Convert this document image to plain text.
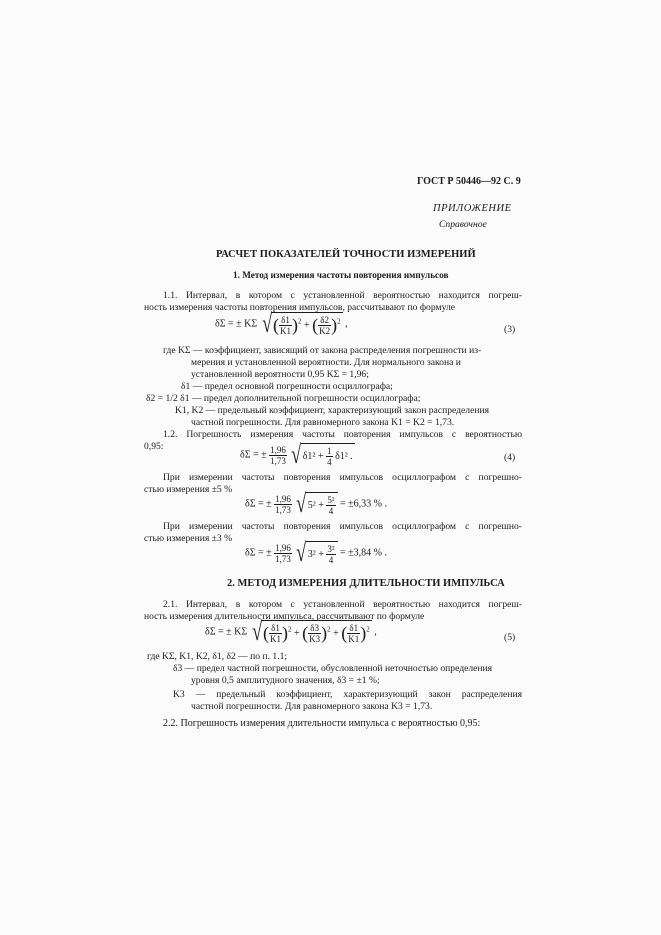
ГОСТ Р 50446—92 С. 9
ПРИЛОЖЕНИЕ
Справочное
РАСЧЕТ ПОКАЗАТЕЛЕЙ ТОЧНОСТИ ИЗМЕРЕНИЙ
1. Метод измерения частоты повторения импульсов
1.1. Интервал, в котором с установленной вероятностью находится погреш-
ность измерения частоты повторения импульсов, рассчитывают по формуле
δΣ = ± KΣ √( $\frac{\delta 1}{K1} )^2$ + ( $\frac{\delta 2}{K2} )^2$ ,	(3)
где KΣ — коэффициент, зависящий от закона распределения погрешности из-
мерения и установленной вероятности. Для нормального закона и
установленной вероятности 0,95 KΣ = 1,96;
δ1 — предел основной погрешности осциллографа;
δ2 = 1/2 δ1 — предел дополнительной погрешности осциллографа;
K1, K2 — предельный коэффициент, характеризующий закон распределения
частной погрешности. Для равномерного закона K1 = K2 = 1,73.
1.2. Погрешность измерения частоты повторения импульсов с вероятностью
0,95:
δΣ = ± $\frac{1,96}{1,73} √\delta 1^2 + \frac{1}{4} \delta 1^2$ .	(4)
При измерении частоты повторения импульсов осциллографом с погрешно-
стью измерения ±5 %
δΣ = ± $\frac{1,96}{1,73} √5^2 + \frac{\text{5²}}{4} = \pm 6,33$ % .
При измерении частоты повторения импульсов осциллографом с погрешно-
стью измерения ±3 %
δΣ = ± $\frac{1,96}{1,73} √3^2 + \frac{\text{3²}}{4} = \pm 3,84$ % .
2. МЕТОД ИЗМЕРЕНИЯ ДЛИТЕЛЬНОСТИ ИМПУЛЬСА
2.1. Интервал, в котором с установленной вероятностью находится погреш-
ность измерения длительности импульса, рассчитывают по формуле
δΣ = ± KΣ √( $\frac{\delta 1}{K1} )^2$ + ( $\frac{\delta 3}{K3} )^2$ + ( $\frac{\delta 1}{K1} )^2$ ,	(5)
где KΣ, K1, K2, δ1, δ2 — по п. 1.1;
δ3 — предел частной погрешности, обусловленной неточностью определения
уровня 0,5 амплитудного значения, δ3 = ±1 %;
K3 — предельный коэффициент, характеризующий закон распределения
частной погрешности. Для равномерного закона K3 = 1,73.
2.2. Погрешность измерения длительности импульса с вероятностью 0,95:
